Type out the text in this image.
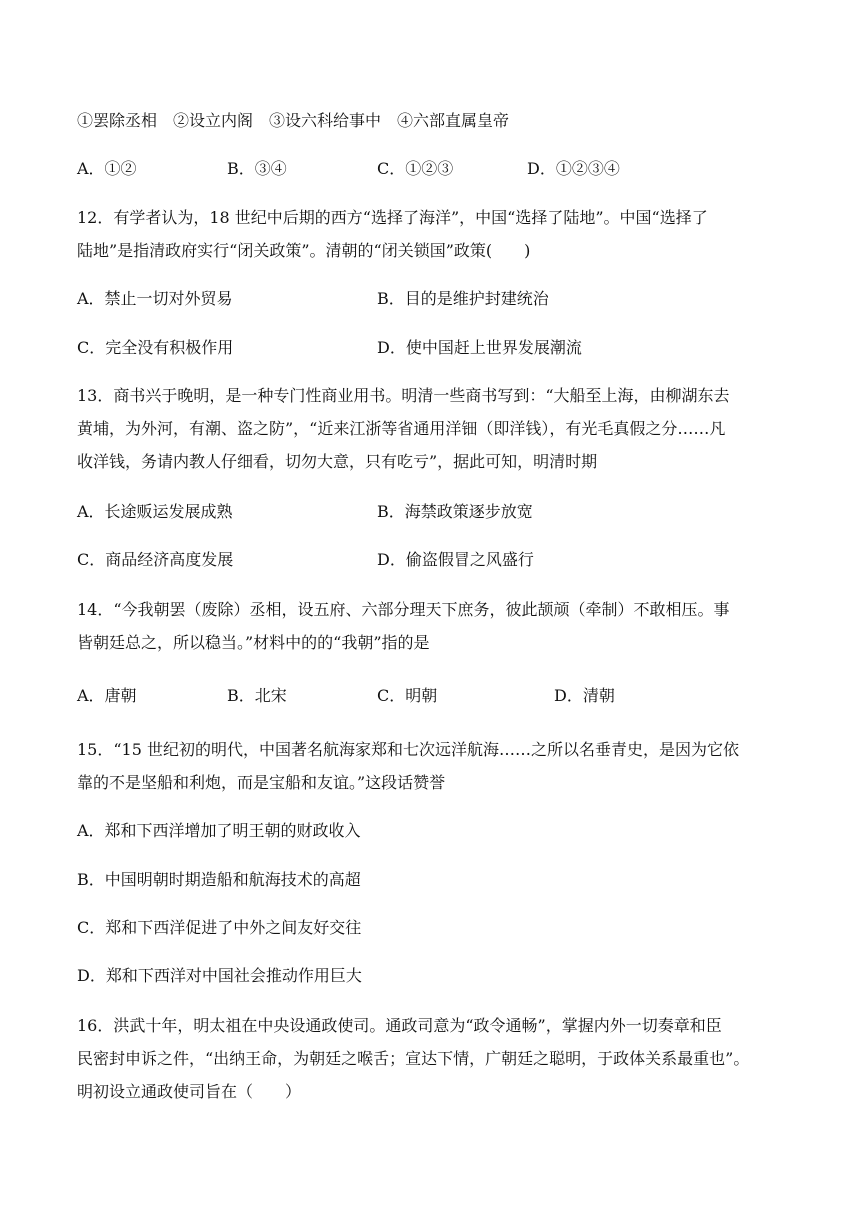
①罢除丞相　②设立内阁　③设六科给事中　④六部直属皇帝
A．①②	B．③④	C．①②③	D．①②③④
12．有学者认为，18 世纪中后期的西方“选择了海洋”，中国“选择了陆地”。中国“选择了
陆地”是指清政府实行“闭关政策”。清朝的“闭关锁国”政策(　　)
A．禁止一切对外贸易	B．目的是维护封建统治
C．完全没有积极作用	D．使中国赶上世界发展潮流
13．商书兴于晚明，是一种专门性商业用书。明清一些商书写到：“大船至上海，由柳湖东去
黄埔，为外河，有潮、盗之防”，“近来江浙等省通用洋钿（即洋钱），有光毛真假之分……凡
收洋钱，务请内教人仔细看，切勿大意，只有吃亏”，据此可知，明清时期
A．长途贩运发展成熟	B．海禁政策逐步放宽
C．商品经济高度发展	D．偷盗假冒之风盛行
14．“今我朝罢（废除）丞相，设五府、六部分理天下庶务，彼此颉颃（牵制）不敢相压。事
皆朝廷总之，所以稳当。”材料中的的“我朝”指的是
A．唐朝	B．北宋	C．明朝	D．清朝
15．“15 世纪初的明代，中国著名航海家郑和七次远洋航海……之所以名垂青史，是因为它依
靠的不是坚船和利炮，而是宝船和友谊。”这段话赞誉
A．郑和下西洋增加了明王朝的财政收入
B．中国明朝时期造船和航海技术的高超
C．郑和下西洋促进了中外之间友好交往
D．郑和下西洋对中国社会推动作用巨大
16．洪武十年，明太祖在中央设通政使司。通政司意为“政令通畅”，掌握内外一切奏章和臣
民密封申诉之件，“出纳王命，为朝廷之喉舌；宣达下情，广朝廷之聪明，于政体关系最重也”。
明初设立通政使司旨在（　　）
